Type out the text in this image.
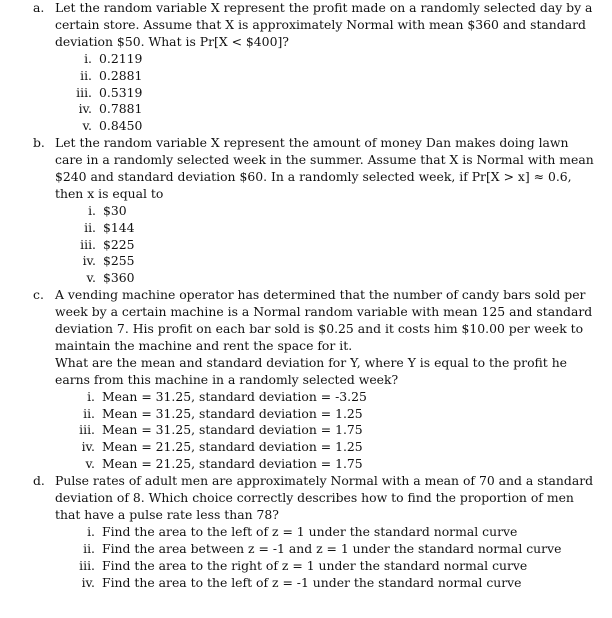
a. Let the random variable X represent the profit made on a randomly selected day by a certain store. Assume that X is approximately Normal with mean $360 and standard deviation $50. What is Pr[X < $400]?

i. 0.2119
ii. 0.2881
iii. 0.5319
iv. 0.7881
v. 0.8450
b. Let the random variable X represent the amount of money Dan makes doing lawn care in a randomly selected week in the summer. Assume that X is Normal with mean $240 and standard deviation $60. In a randomly selected week, if Pr[X > x] ≈ 0.6, then x is equal to

i. $30
ii. $144
iii. $225
iv. $255
v. $360
c. A vending machine operator has determined that the number of candy bars sold per week by a certain machine is a Normal random variable with mean 125 and standard deviation 7. His profit on each bar sold is $0.25 and it costs him $10.00 per week to maintain the machine and rent the space for it.

What are the mean and standard deviation for Y, where Y is equal to the profit he earns from this machine in a randomly selected week?

i. Mean = 31.25, standard deviation = -3.25
ii. Mean = 31.25, standard deviation = 1.25
iii. Mean = 31.25, standard deviation = 1.75
iv. Mean = 21.25, standard deviation = 1.25
v. Mean = 21.25, standard deviation = 1.75
d. Pulse rates of adult men are approximately Normal with a mean of 70 and a standard deviation of 8. Which choice correctly describes how to find the proportion of men that have a pulse rate less than 78?

i. Find the area to the left of z = 1 under the standard normal curve
ii. Find the area between z = -1 and z = 1 under the standard normal curve
iii. Find the area to the right of z = 1 under the standard normal curve
iv. Find the area to the left of z = -1 under the standard normal curve
